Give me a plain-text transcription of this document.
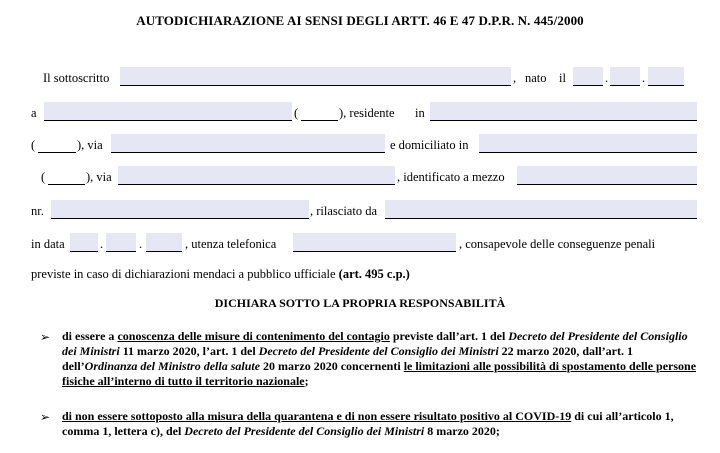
AUTODICHIARAZIONE AI SENSI DEGLI ARTT. 46 E 47 D.P.R. N. 445/2000
Il sottoscritto	, nato il	.	.
a	(	), residente in
(	), via	e domiciliato in
(	), via	, identificato a mezzo
nr.	, rilasciato da
in data	.	.	, utenza telefonica	, consapevole delle conseguenze penali
previste in caso di dichiarazioni mendaci a pubblico ufficiale (art. 495 c.p.)
DICHIARA SOTTO LA PROPRIA RESPONSABILITÀ
➢ di essere a conoscenza delle misure di contenimento del contagio previste dall’art. 1 del Decreto del Presidente del Consiglio dei Ministri 11 marzo 2020, l’art. 1 del Decreto del Presidente del Consiglio dei Ministri 22 marzo 2020, dall’art. 1 dell’Ordinanza del Ministro della salute 20 marzo 2020 concernenti le limitazioni alle possibilità di spostamento delle persone fisiche all’interno di tutto il territorio nazionale;
➢ di non essere sottoposto alla misura della quarantena e di non essere risultato positivo al COVID-19 di cui all’articolo 1, comma 1, lettera c), del Decreto del Presidente del Consiglio dei Ministri 8 marzo 2020;
